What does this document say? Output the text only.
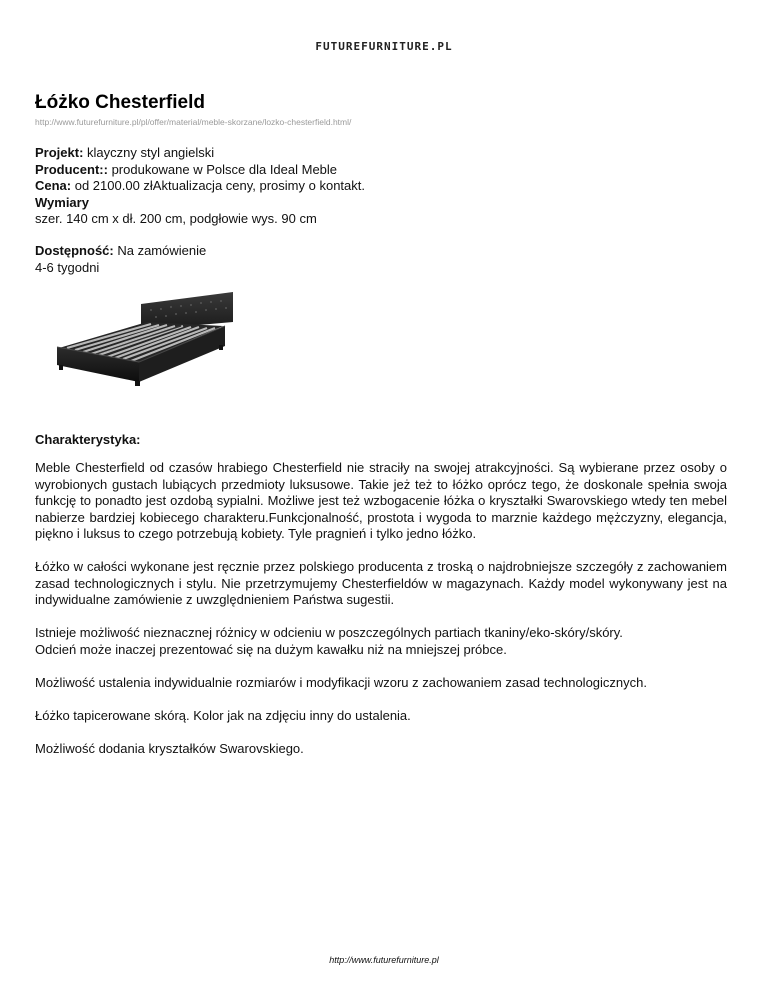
FUTUREFURNITURE.PL
Łóżko Chesterfield
http://www.futurefurniture.pl/pl/offer/material/meble-skorzane/lozko-chesterfield.html/
Projekt: klayczny styl angielski
Producent:: produkowane w Polsce dla Ideal Meble
Cena: od 2100.00 złAktualizacja ceny, prosimy o kontakt.
Wymiary
szer. 140 cm x dł. 200 cm, podgłowie wys. 90 cm
Dostępność: Na zamówienie
4-6 tygodni
Charakterystyka:

Meble Chesterfield od czasów hrabiego Chesterfield nie straciły na swojej atrakcyjności. Są wybierane przez osoby o wyrobionych gustach lubiących przedmioty luksusowe. Takie jeż też to łóżko oprócz tego, że doskonale spełnia swoja funkcję to ponadto jest ozdobą sypialni. Możliwe jest też wzbogacenie łóżka o kryształki Swarovskiego wtedy ten mebel nabierze bardziej kobiecego charakteru.Funkcjonalność, prostota i wygoda to marznie każdego mężczyzny, elegancja, piękno i luksus to czego potrzebują kobiety. Tyle pragnień i tylko jedno łóżko.

Łóżko w całości wykonane jest ręcznie przez polskiego producenta z troską o najdrobniejsze szczegóły z zachowaniem zasad technologicznych i stylu. Nie przetrzymujemy Chesterfieldów w magazynach. Każdy model wykonywany jest na indywidualne zamówienie z uwzględnieniem Państwa sugestii.

Istnieje możliwość nieznacznej różnicy w odcieniu w poszczególnych partiach tkaniny/eko-skóry/skóry.
Odcień może inaczej prezentować się na dużym kawałku niż na mniejszej próbce.

Możliwość ustalenia indywidualnie rozmiarów i modyfikacji wzoru z zachowaniem zasad technologicznych.

Łóżko tapicerowane skórą. Kolor jak na zdjęciu inny do ustalenia.

Możliwość dodania kryształków Swarovskiego.

http://www.futurefurniture.pl
